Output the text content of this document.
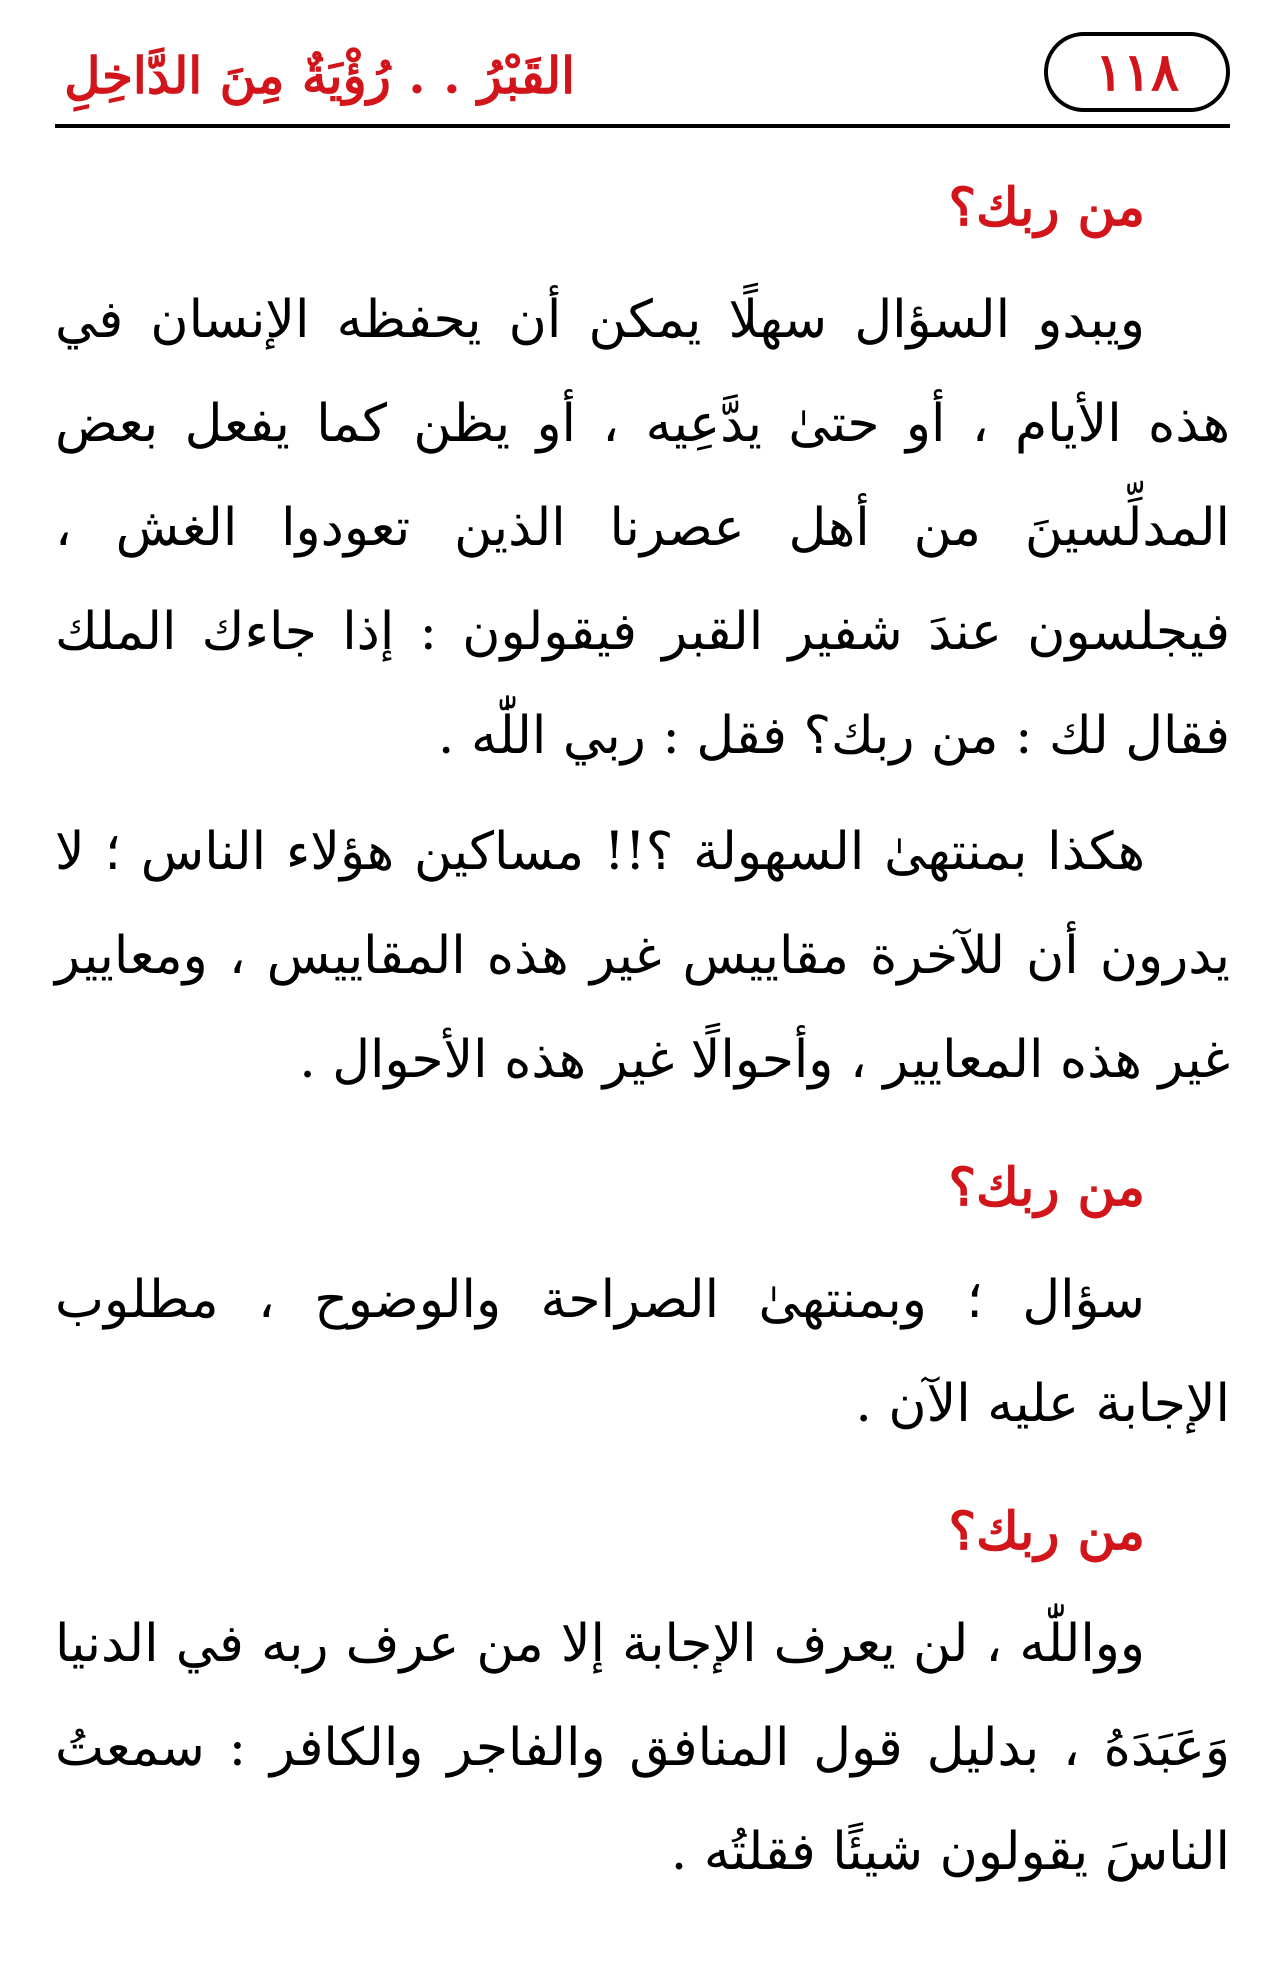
١١٨
القَبْرُ . . رُؤْيَةٌ مِنَ الدَّاخِلِ
من ربك؟

ويبدو السؤال سهلًا يمكن أن يحفظه الإنسان في هذه الأيام ، أو حتىٰ يدَّعِيه ، أو يظن كما يفعل بعض المدلِّسينَ من أهل عصرنا الذين تعودوا الغش ، فيجلسون عندَ شفير القبر فيقولون : إذا جاءك الملك فقال لك : من ربك؟ فقل : ربي اللّٰه .

هكذا بمنتهىٰ السهولة ؟!! مساكين هؤلاء الناس ؛ لا يدرون أن للآخرة مقاييس غير هذه المقاييس ، ومعايير غير هذه المعايير ، وأحوالًا غير هذه الأحوال .

من ربك؟

سؤال ؛ وبمنتهىٰ الصراحة والوضوح ، مطلوب الإجابة عليه الآن .

من ربك؟

وواللّٰه ، لن يعرف الإجابة إلا من عرف ربه في الدنيا وَعَبَدَهُ ، بدليل قول المنافق والفاجر والكافر : سمعتُ الناسَ يقولون شيئًا فقلتُه .
